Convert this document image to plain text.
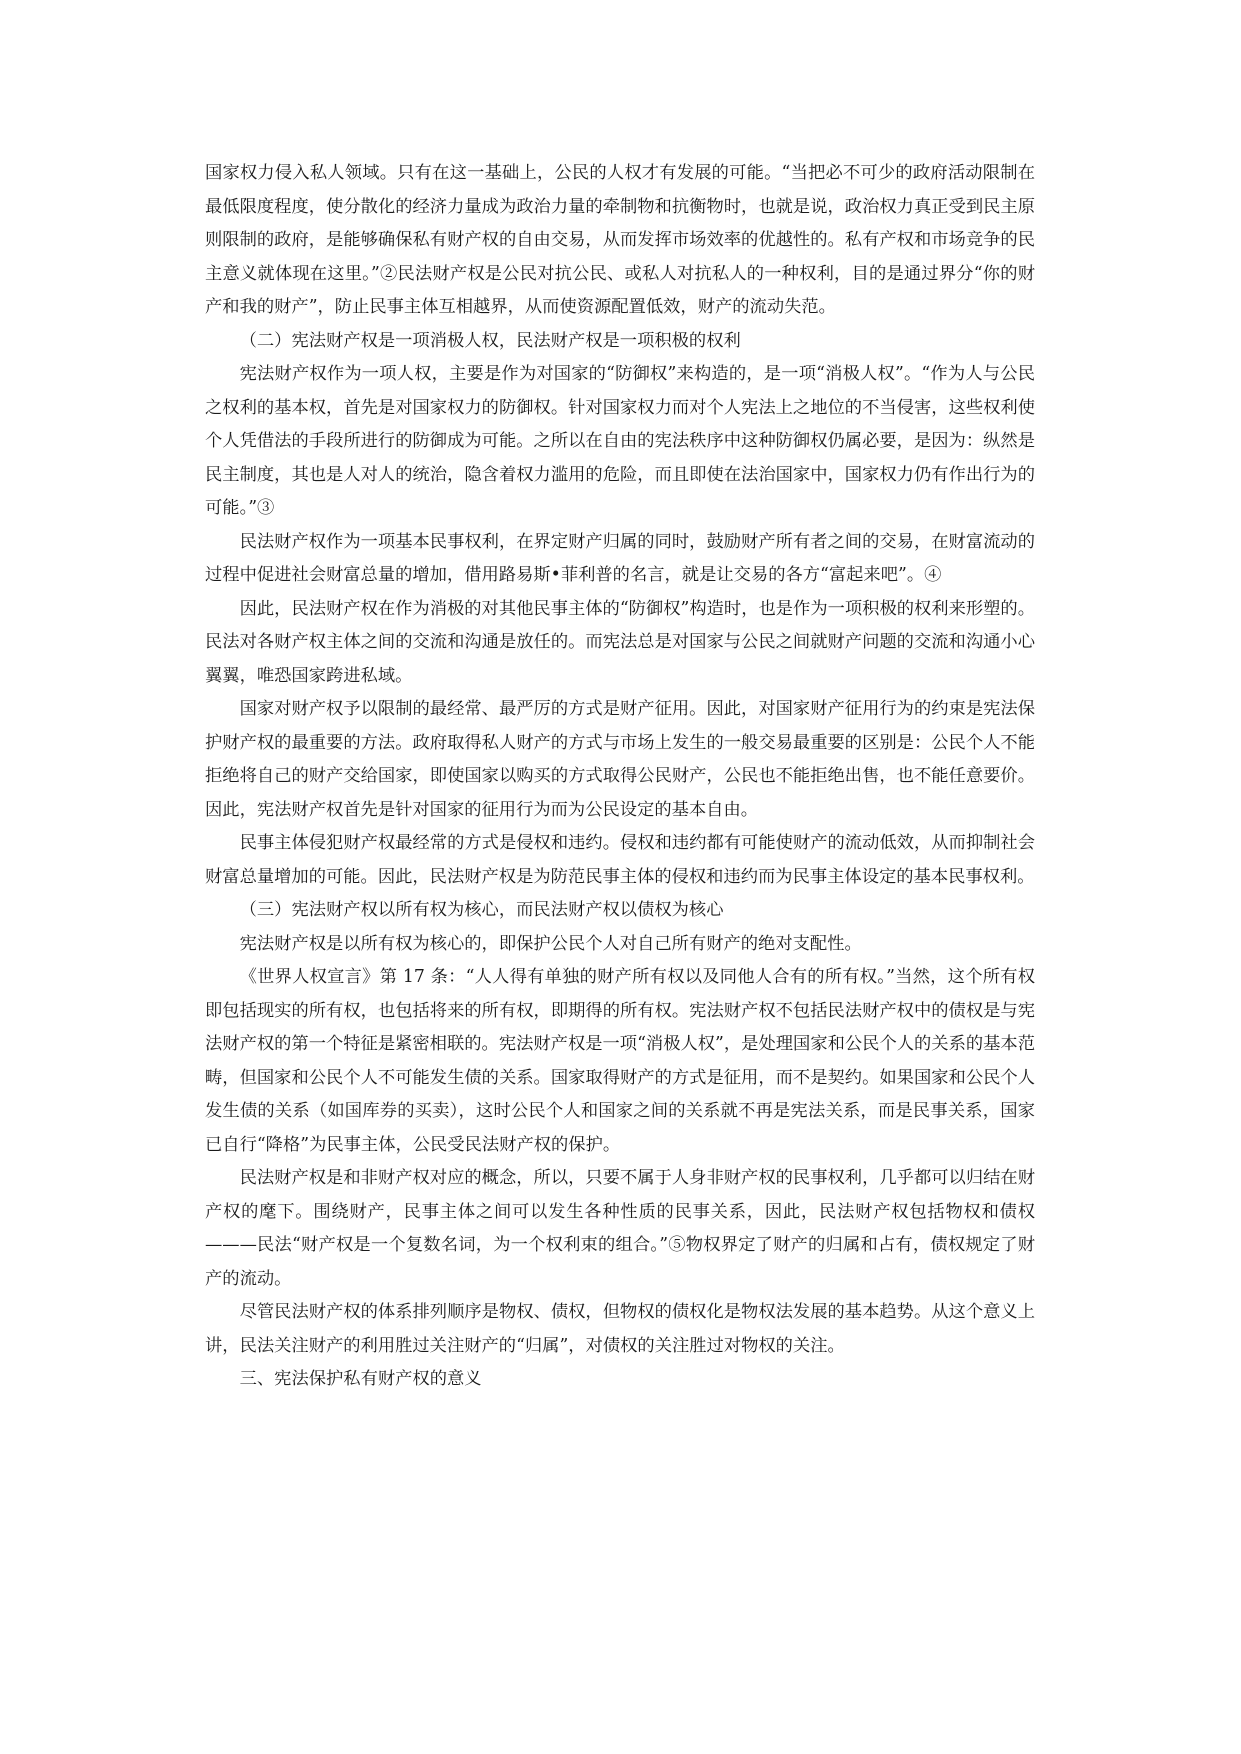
国家权力侵入私人领域。只有在这一基础上，公民的人权才有发展的可能。“当把必不可少的政府活动限制在最低限度程度，使分散化的经济力量成为政治力量的牵制物和抗衡物时，也就是说，政治权力真正受到民主原则限制的政府，是能够确保私有财产权的自由交易，从而发挥市场效率的优越性的。私有产权和市场竞争的民主意义就体现在这里。”②民法财产权是公民对抗公民、或私人对抗私人的一种权利，目的是通过界分“你的财产和我的财产”，防止民事主体互相越界，从而使资源配置低效，财产的流动失范。

（二）宪法财产权是一项消极人权，民法财产权是一项积极的权利

宪法财产权作为一项人权，主要是作为对国家的“防御权”来构造的，是一项“消极人权”。“作为人与公民之权利的基本权，首先是对国家权力的防御权。针对国家权力而对个人宪法上之地位的不当侵害，这些权利使个人凭借法的手段所进行的防御成为可能。之所以在自由的宪法秩序中这种防御权仍属必要，是因为：纵然是民主制度，其也是人对人的统治，隐含着权力滥用的危险，而且即使在法治国家中，国家权力仍有作出行为的可能。”③

民法财产权作为一项基本民事权利，在界定财产归属的同时，鼓励财产所有者之间的交易，在财富流动的过程中促进社会财富总量的增加，借用路易斯•菲利普的名言，就是让交易的各方“富起来吧”。④

因此，民法财产权在作为消极的对其他民事主体的“防御权”构造时，也是作为一项积极的权利来形塑的。民法对各财产权主体之间的交流和沟通是放任的。而宪法总是对国家与公民之间就财产问题的交流和沟通小心翼翼，唯恐国家跨进私域。

国家对财产权予以限制的最经常、最严厉的方式是财产征用。因此，对国家财产征用行为的约束是宪法保护财产权的最重要的方法。政府取得私人财产的方式与市场上发生的一般交易最重要的区别是：公民个人不能拒绝将自己的财产交给国家，即使国家以购买的方式取得公民财产，公民也不能拒绝出售，也不能任意要价。因此，宪法财产权首先是针对国家的征用行为而为公民设定的基本自由。

民事主体侵犯财产权最经常的方式是侵权和违约。侵权和违约都有可能使财产的流动低效，从而抑制社会财富总量增加的可能。因此，民法财产权是为防范民事主体的侵权和违约而为民事主体设定的基本民事权利。

（三）宪法财产权以所有权为核心，而民法财产权以债权为核心

宪法财产权是以所有权为核心的，即保护公民个人对自己所有财产的绝对支配性。

《世界人权宣言》第 17 条：“人人得有单独的财产所有权以及同他人合有的所有权。”当然，这个所有权即包括现实的所有权，也包括将来的所有权，即期得的所有权。宪法财产权不包括民法财产权中的债权是与宪法财产权的第一个特征是紧密相联的。宪法财产权是一项“消极人权”，是处理国家和公民个人的关系的基本范畴，但国家和公民个人不可能发生债的关系。国家取得财产的方式是征用，而不是契约。如果国家和公民个人发生债的关系（如国库券的买卖），这时公民个人和国家之间的关系就不再是宪法关系，而是民事关系，国家已自行“降格”为民事主体，公民受民法财产权的保护。

民法财产权是和非财产权对应的概念，所以，只要不属于人身非财产权的民事权利，几乎都可以归结在财产权的麾下。围绕财产，民事主体之间可以发生各种性质的民事关系，因此，民法财产权包括物权和债权———民法“财产权是一个复数名词，为一个权利束的组合。”⑤物权界定了财产的归属和占有，债权规定了财产的流动。

尽管民法财产权的体系排列顺序是物权、债权，但物权的债权化是物权法发展的基本趋势。从这个意义上讲，民法关注财产的利用胜过关注财产的“归属”，对债权的关注胜过对物权的关注。

三、宪法保护私有财产权的意义
